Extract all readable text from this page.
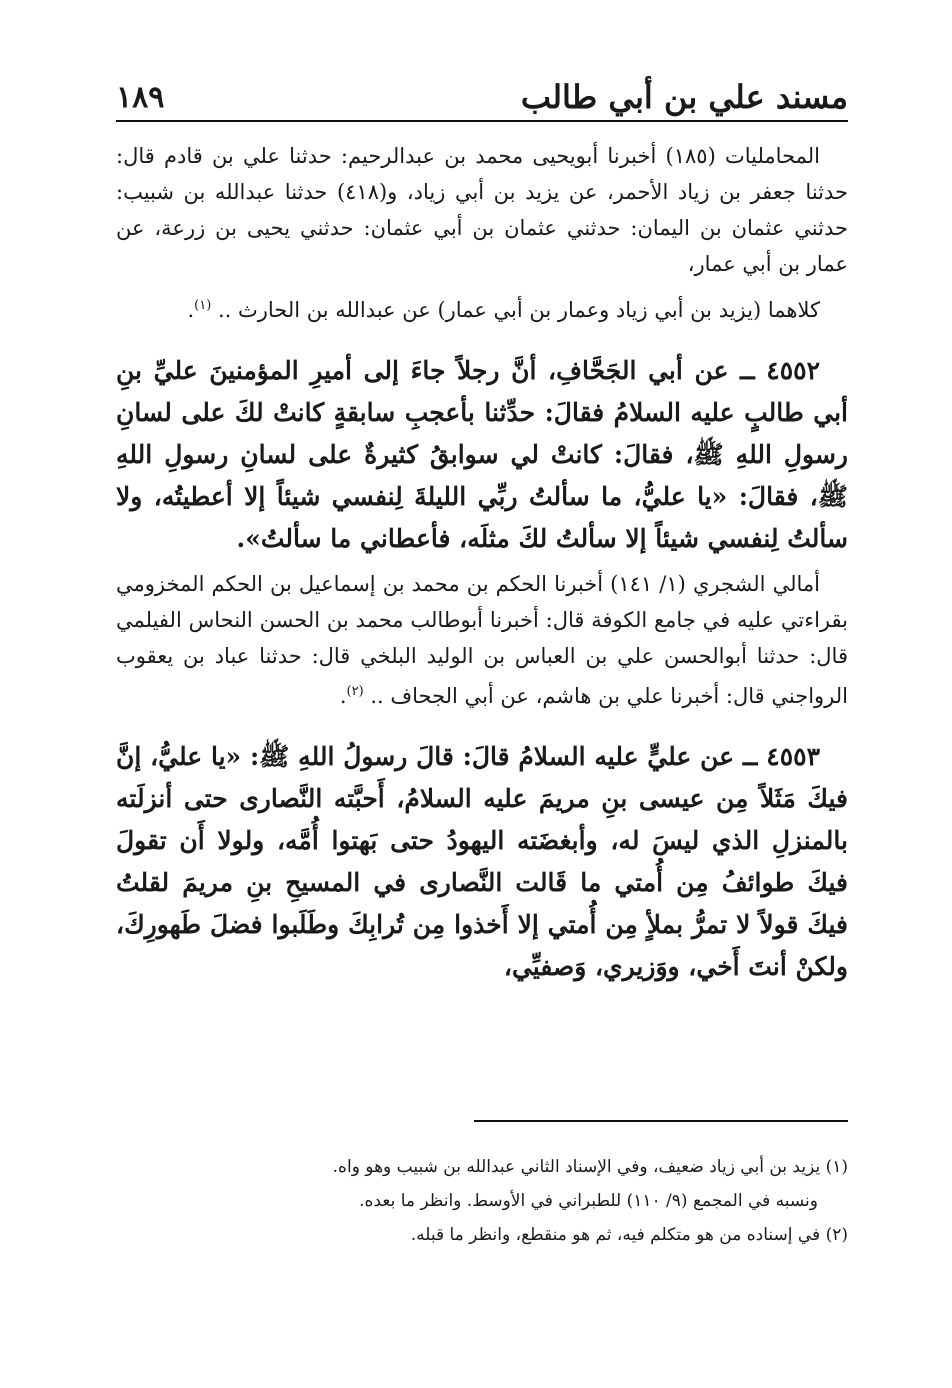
مسند علي بن أبي طالب
١٨٩

المحامليات (١٨٥) أخبرنا أبويحيى محمد بن عبدالرحيم: حدثنا علي بن قادم قال: حدثنا جعفر بن زياد الأحمر، عن يزيد بن أبي زياد، و(٤١٨) حدثنا عبدالله بن شبيب: حدثني عثمان بن اليمان: حدثني عثمان بن أبي عثمان: حدثني يحيى بن زرعة، عن عمار بن أبي عمار،

كلاهما (يزيد بن أبي زياد وعمار بن أبي عمار) عن عبدالله بن الحارث .. $^{(١)}$.

٤٥٥٢ ــ عن أبي الجَحَّافِ، أنَّ رجلاً جاءَ إلى أميرِ المؤمنينَ عليِّ بنِ أبي طالبٍ عليه السلامُ فقالَ: حدِّثنا بأعجبِ سابقةٍ كانتْ لكَ على لسانِ رسولِ اللهِ ﷺ، فقالَ: كانتْ لي سوابقُ كثيرةٌ على لسانِ رسولِ اللهِ ﷺ، فقالَ: «يا عليُّ، ما سألتُ ربِّي الليلةَ لِنفسي شيئاً إلا أعطيتُه، ولا سألتُ لِنفسي شيئاً إلا سألتُ لكَ مثلَه، فأعطاني ما سألتُ».

أمالي الشجري (١/ ١٤١) أخبرنا الحكم بن محمد بن إسماعيل بن الحكم المخزومي بقراءتي عليه في جامع الكوفة قال: أخبرنا أبوطالب محمد بن الحسن النحاس الفيلمي قال: حدثنا أبوالحسن علي بن العباس بن الوليد البلخي قال: حدثنا عباد بن يعقوب الرواجني قال: أخبرنا علي بن هاشم، عن أبي الجحاف .. $^{(٢)}$.

٤٥٥٣ ــ عن عليٍّ عليه السلامُ قالَ: قالَ رسولُ اللهِ ﷺ: «يا عليُّ، إنَّ فيكَ مَثَلاً مِن عيسى بنِ مريمَ عليه السلامُ، أَحبَّته النَّصارى حتى أنزلَته بالمنزلِ الذي ليسَ له، وأبغضَته اليهودُ حتى بَهتوا أُمَّه، ولولا أَن تقولَ فيكَ طوائفُ مِن أُمتي ما قَالت النَّصارى في المسيحِ بنِ مريمَ لقلتُ فيكَ قولاً لا تمرُّ بملأٍ مِن أُمتي إلا أَخذوا مِن تُرابِكَ وطَلَبوا فضلَ طَهورِكَ، ولكنْ أنتَ أَخي، ووَزيري، وَصفيِّي،

(١) يزيد بن أبي زياد ضعيف، وفي الإسناد الثاني عبدالله بن شبيب وهو واه.

ونسبه في المجمع (٩/ ١١٠) للطبراني في الأوسط. وانظر ما بعده.

(٢) في إسناده من هو متكلم فيه، ثم هو منقطع، وانظر ما قبله.
